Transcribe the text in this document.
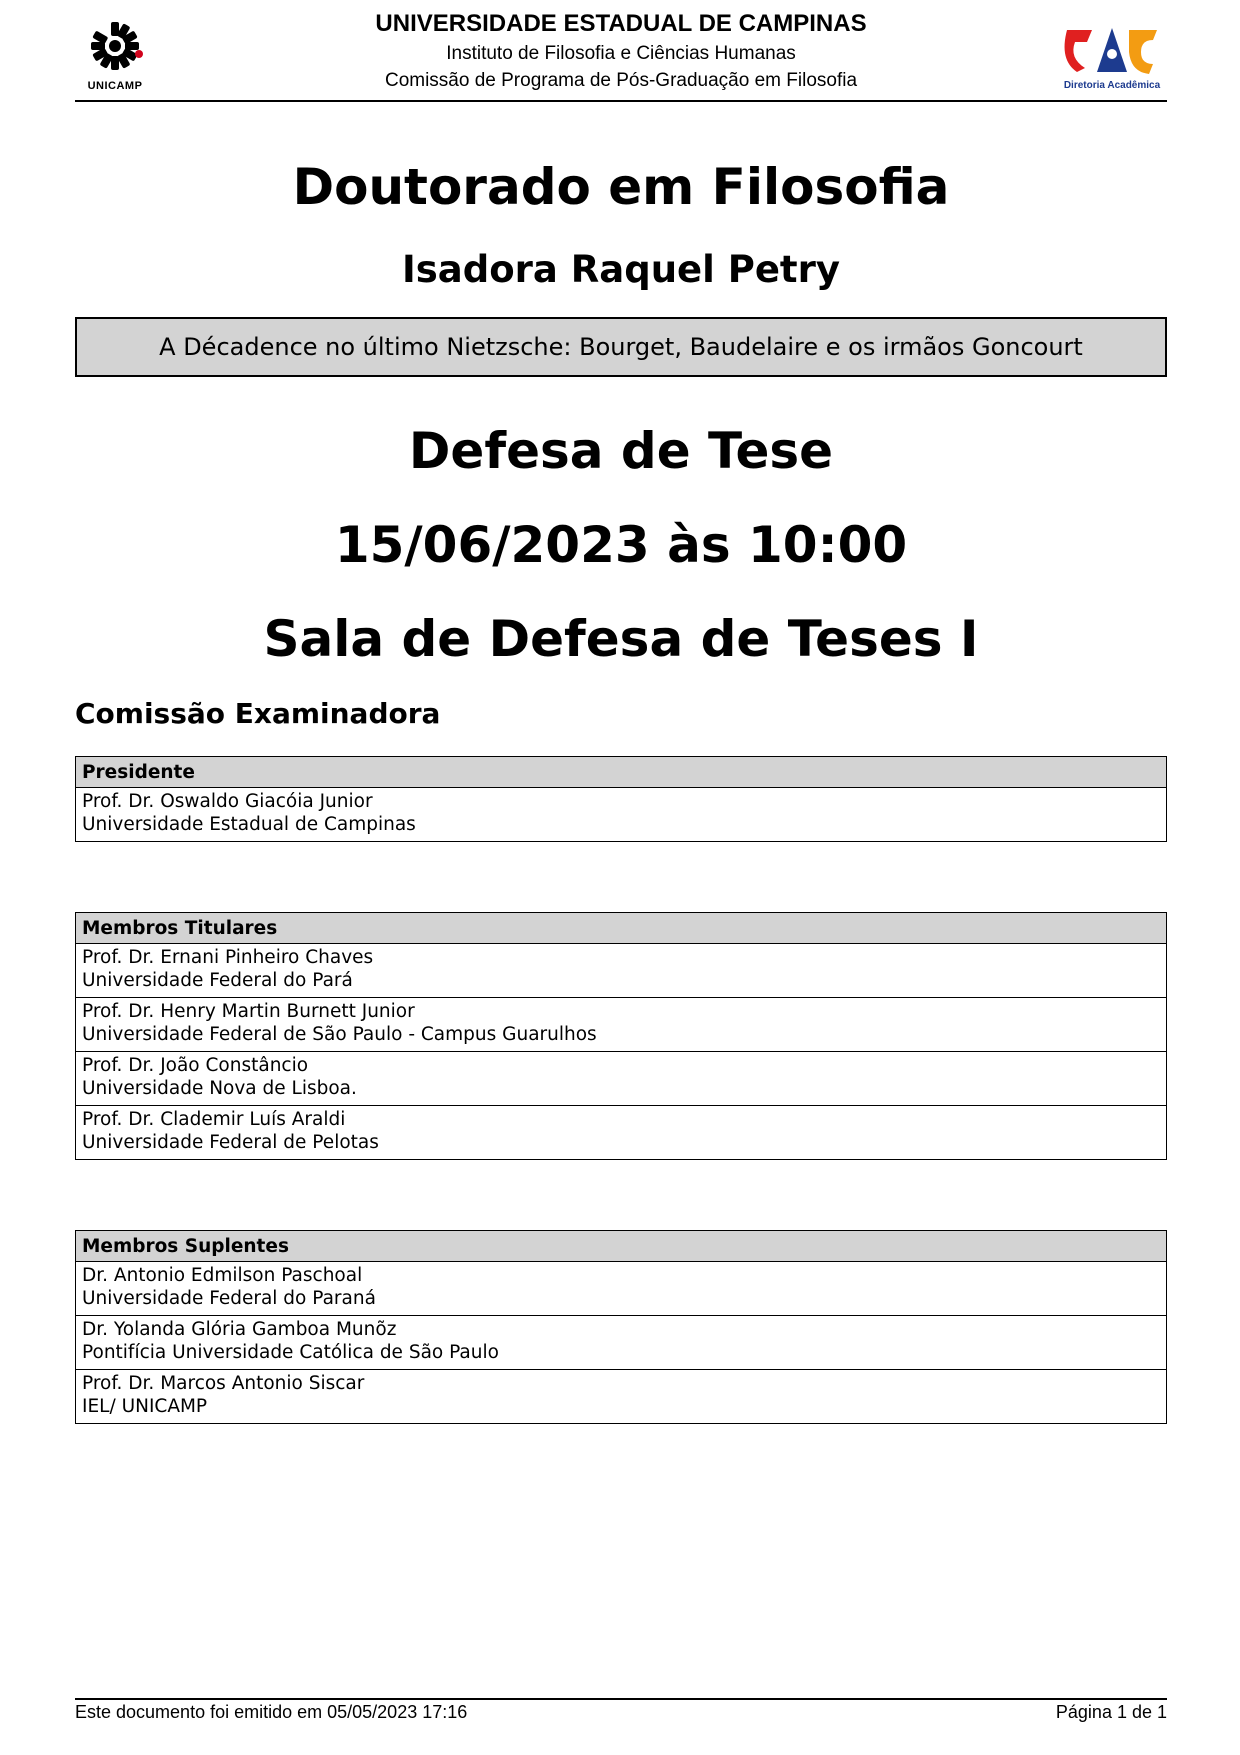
UNICAMP
UNIVERSIDADE ESTADUAL DE CAMPINAS
Instituto de Filosofia e Ciências Humanas
Comissão de Programa de Pós-Graduação em Filosofia	Diretoria Acadêmica
Doutorado em Filosofia
Isadora Raquel Petry
A Décadence no último Nietzsche: Bourget, Baudelaire e os irmãos Goncourt
Defesa de Tese
15/06/2023 às 10:00
Sala de Defesa de Teses I
Comissão Examinadora
Presidente

Prof. Dr. Oswaldo Giacóia Junior
Universidade Estadual de Campinas
Membros Titulares

Prof. Dr. Ernani Pinheiro Chaves
Universidade Federal do Pará

Prof. Dr. Henry Martin Burnett Junior
Universidade Federal de São Paulo - Campus Guarulhos

Prof. Dr. João Constâncio
Universidade Nova de Lisboa.

Prof. Dr. Clademir Luís Araldi
Universidade Federal de Pelotas
Membros Suplentes

Dr. Antonio Edmilson Paschoal
Universidade Federal do Paraná

Dr. Yolanda Glória Gamboa Munõz
Pontifícia Universidade Católica de São Paulo

Prof. Dr. Marcos Antonio Siscar
IEL/ UNICAMP
Este documento foi emitido em 05/05/2023 17:16	Página 1 de 1
